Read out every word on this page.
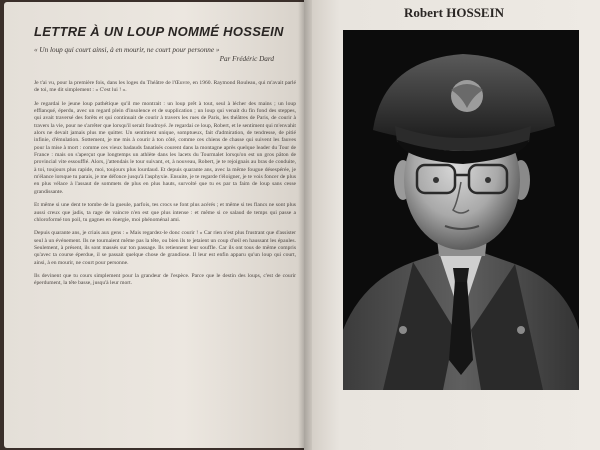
LETTRE À UN LOUP NOMMÉ HOSSEIN
« Un loup qui court ainsi, à en mourir, ne court pour personne »
Par Frédéric Dard

Je t'ai vu, pour la première fois, dans les loges du Théâtre de l'Œuvre, en 1960. Raymond Rouleau, qui m'avait parlé de toi, me dit simplement : « C'est lui ! ».

Je regardai le jeune loup pathétique qu'il me montrait : un loup prêt à tout, seul à lécher des mains ; un loup efflanqué, éperdu, avec un regard plein d'insolence et de supplication ; un loup qui venait du fin fond des steppes, qui avait traversé des forêts et qui continuait de courir à travers les rues de Paris, les théâtres de Paris, de courir à travers la vie, pour ne s'arrêter que lorsqu'il serait foudroyé. Je regardai ce loup, Robert, et le sentiment qui m'envahit alors ne devait jamais plus me quitter. Un sentiment unique, somptueux, fait d'admiration, de tendresse, de pitié infinie, d'émulation. Sottement, je me mis à courir à ton côté, comme ces chiens de chasse qui suivent les fauves pour la mise à mort : comme ces vieux badauds fanatisés courent dans la montagne après quelque leader du Tour de France : mais on s'aperçut que longtemps un athlète dans les lacets du Tourmalet lorsqu'on est un gros pâton de provincial vite essoufflé. Alors, j'attendais le tour suivant, et, à nouveau, Robert, je te rejoignais au bras de conduite, à toi, toujours plus rapide, moi, toujours plus lourdaud. Et depuis quarante ans, avec la même fougue désespérée, je m'élance lorsque tu parais, je me défonce jusqu'à l'asphyxie. Ensuite, je te regarde t'éloigner, je te vois foncer de plus en plus vélace à l'assaut de sommets de plus en plus hauts, survolté que tu es par ta faim de loup sans cesse grandissante.

Et même si une dent te tombe de la gueule, parfois, tes crocs se font plus acérés ; et même si tes flancs ne sont plus aussi creux que jadis, ta rage de vaincre n'en est que plus intense : et même si ce salaud de temps qui passe a chloroformé ton poil, tu gagnes en énergie, moi phénoménal ami.

Depuis quarante ans, je criais aux gens : « Mais regardez-le donc courir ! » Car rien n'est plus frustrant que d'assister seul à un événement. Ils ne tournaient même pas la tête, ou bien ils te jetaient un coup d'œil en haussant les épaules. Seulement, à présent, ils sont massés sur ton passage. Ils retiennent leur souffle. Car ils ont tous de même compris qu'avec ta course éperdue, il se passait quelque chose de grandiose. Il leur est enfin apparu qu'un loup qui court, ainsi, à en mourir, ne court pour personne.

Ils devinent que tu cours simplement pour la grandeur de l'espèce. Parce que le destin des loups, c'est de courir éperdument, la tête basse, jusqu'à leur mort.

Robert HOSSEIN
